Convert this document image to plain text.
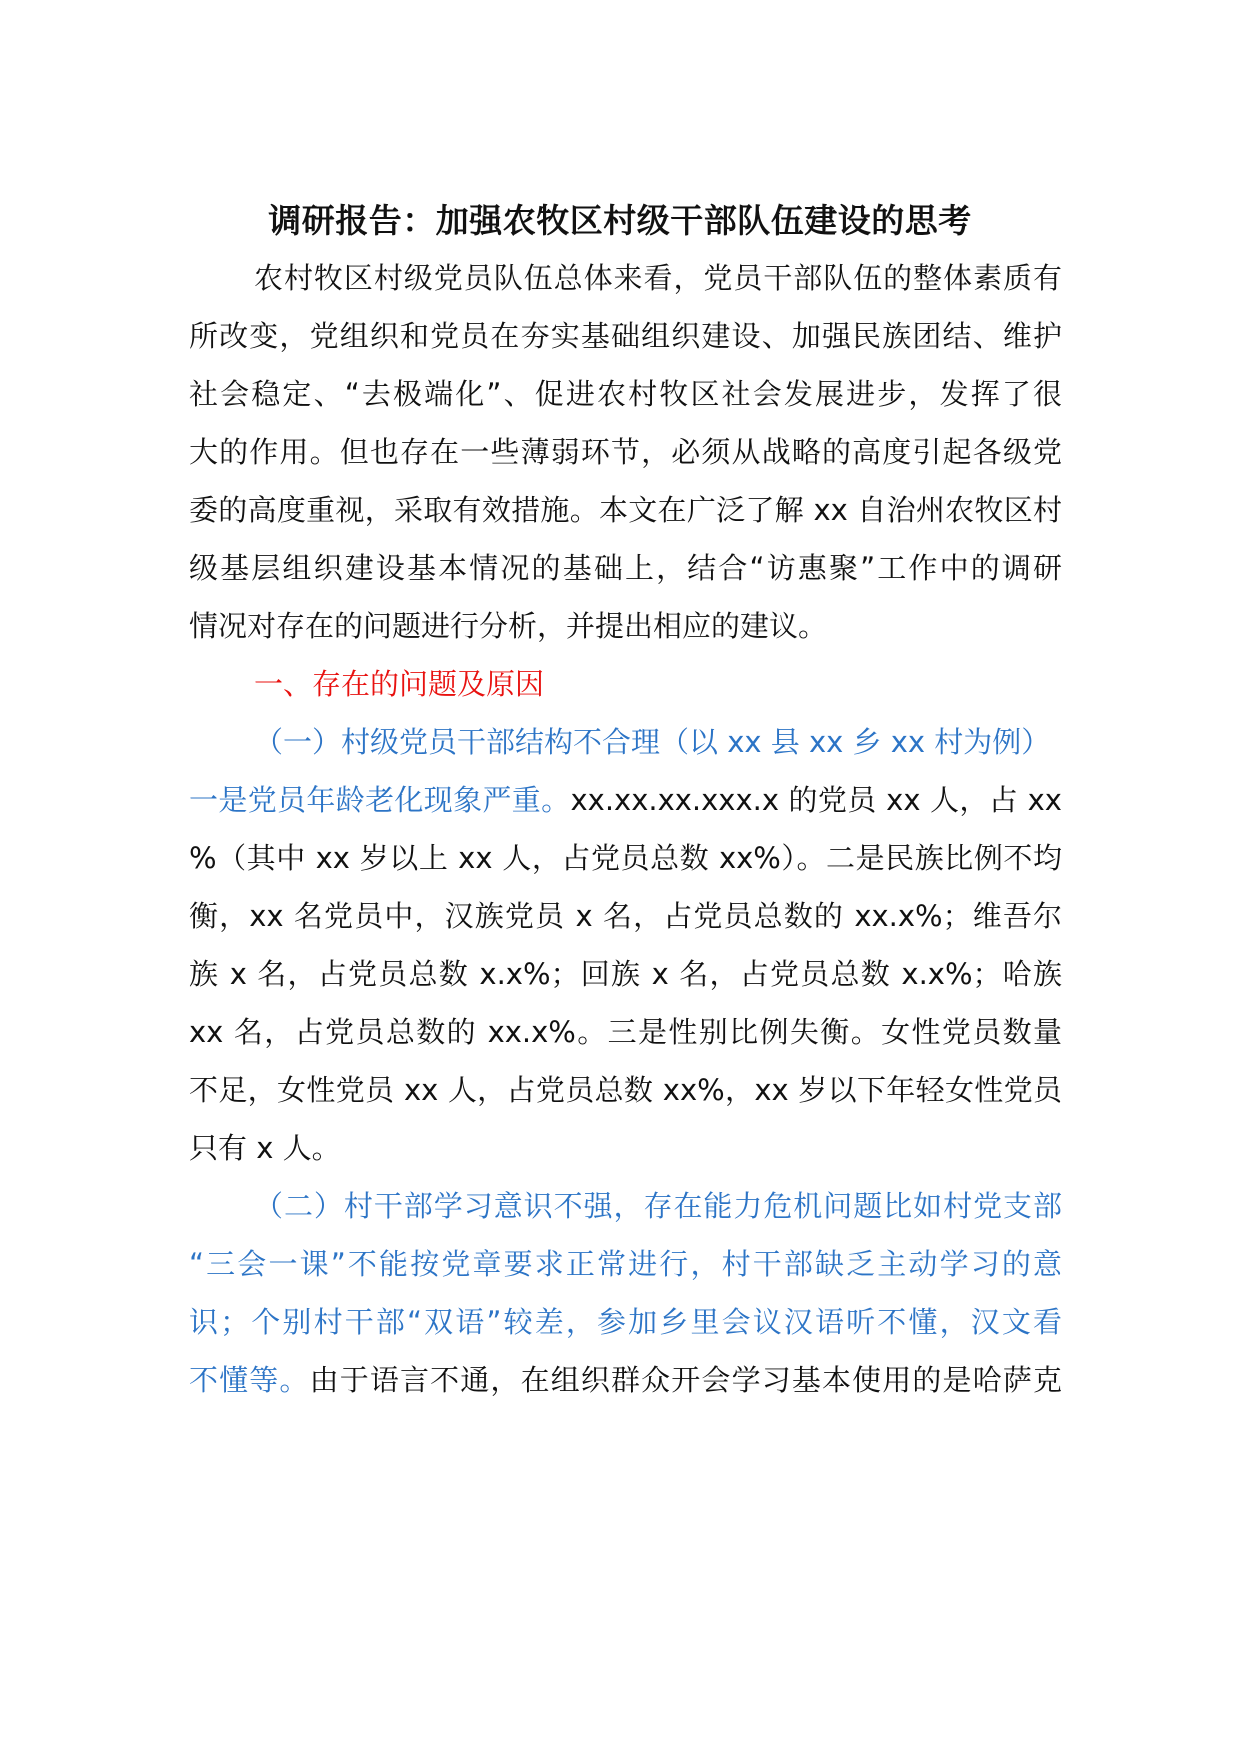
调研报告：加强农牧区村级干部队伍建设的思考
农村牧区村级党员队伍总体来看，党员干部队伍的整体素质有
所改变，党组织和党员在夯实基础组织建设、加强民族团结、维护
社会稳定、“去极端化”、促进农村牧区社会发展进步，发挥了很
大的作用。但也存在一些薄弱环节，必须从战略的高度引起各级党
委的高度重视，采取有效措施。本文在广泛了解 xx 自治州农牧区村
级基层组织建设基本情况的基础上，结合“访惠聚”工作中的调研
情况对存在的问题进行分析，并提出相应的建议。
一、存在的问题及原因
（一）村级党员干部结构不合理（以 xx 县 xx 乡 xx 村为例）
一是党员年龄老化现象严重。xx.xx.xx.xxx.x 的党员 xx 人，占 xx
%（其中 xx 岁以上 xx 人，占党员总数 xx%）。二是民族比例不均
衡，xx 名党员中，汉族党员 x 名，占党员总数的 xx.x%；维吾尔
族 x 名，占党员总数 x.x%；回族 x 名，占党员总数 x.x%；哈族
xx 名，占党员总数的 xx.x%。三是性别比例失衡。女性党员数量
不足，女性党员 xx 人，占党员总数 xx%，xx 岁以下年轻女性党员
只有 x 人。
（二）村干部学习意识不强，存在能力危机问题比如村党支部
“三会一课”不能按党章要求正常进行，村干部缺乏主动学习的意
识；个别村干部“双语”较差，参加乡里会议汉语听不懂，汉文看
不懂等。由于语言不通，在组织群众开会学习基本使用的是哈萨克
